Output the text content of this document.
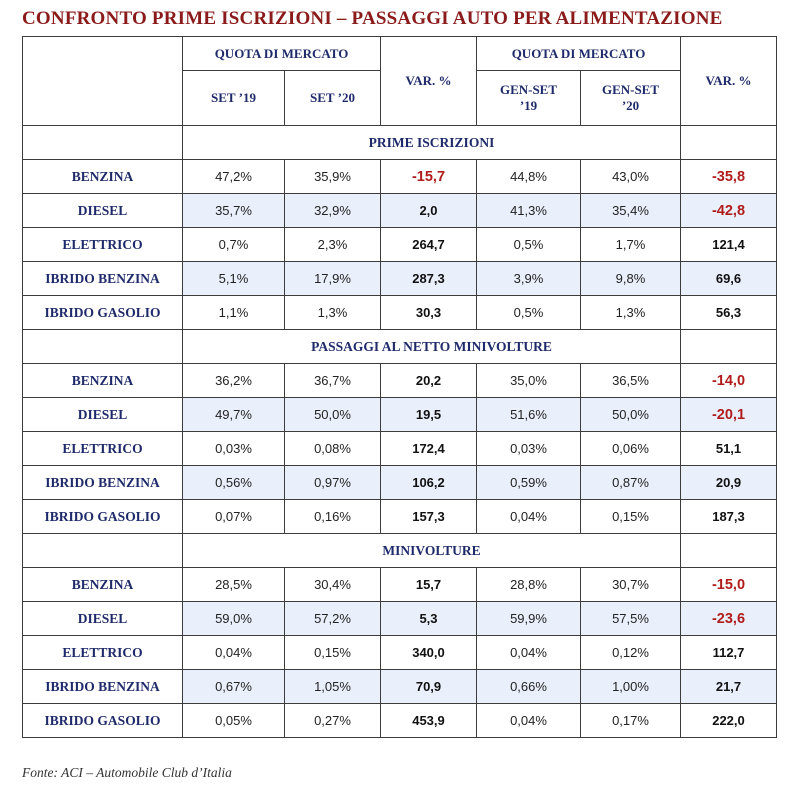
CONFRONTO PRIME ISCRIZIONI – PASSAGGI AUTO PER ALIMENTAZIONE
	QUOTA DI MERCATO		VAR. %	QUOTA DI MERCATO		VAR. %
	SET ’19	SET ’20		GEN-SET ’19	GEN-SET ’20	

	PRIME ISCRIZIONI					
BENZINA	47,2%	35,9%	-15,7	44,8%	43,0%	-35,8
DIESEL	35,7%	32,9%	2,0	41,3%	35,4%	-42,8
ELETTRICO	0,7%	2,3%	264,7	0,5%	1,7%	121,4
IBRIDO BENZINA	5,1%	17,9%	287,3	3,9%	9,8%	69,6
IBRIDO GASOLIO	1,1%	1,3%	30,3	0,5%	1,3%	56,3
	PASSAGGI AL NETTO MINIVOLTURE					
BENZINA	36,2%	36,7%	20,2	35,0%	36,5%	-14,0
DIESEL	49,7%	50,0%	19,5	51,6%	50,0%	-20,1
ELETTRICO	0,03%	0,08%	172,4	0,03%	0,06%	51,1
IBRIDO BENZINA	0,56%	0,97%	106,2	0,59%	0,87%	20,9
IBRIDO GASOLIO	0,07%	0,16%	157,3	0,04%	0,15%	187,3
	MINIVOLTURE					
BENZINA	28,5%	30,4%	15,7	28,8%	30,7%	-15,0
DIESEL	59,0%	57,2%	5,3	59,9%	57,5%	-23,6
ELETTRICO	0,04%	0,15%	340,0	0,04%	0,12%	112,7
IBRIDO BENZINA	0,67%	1,05%	70,9	0,66%	1,00%	21,7
IBRIDO GASOLIO	0,05%	0,27%	453,9	0,04%	0,17%	222,0
Fonte: ACI – Automobile Club d’Italia
